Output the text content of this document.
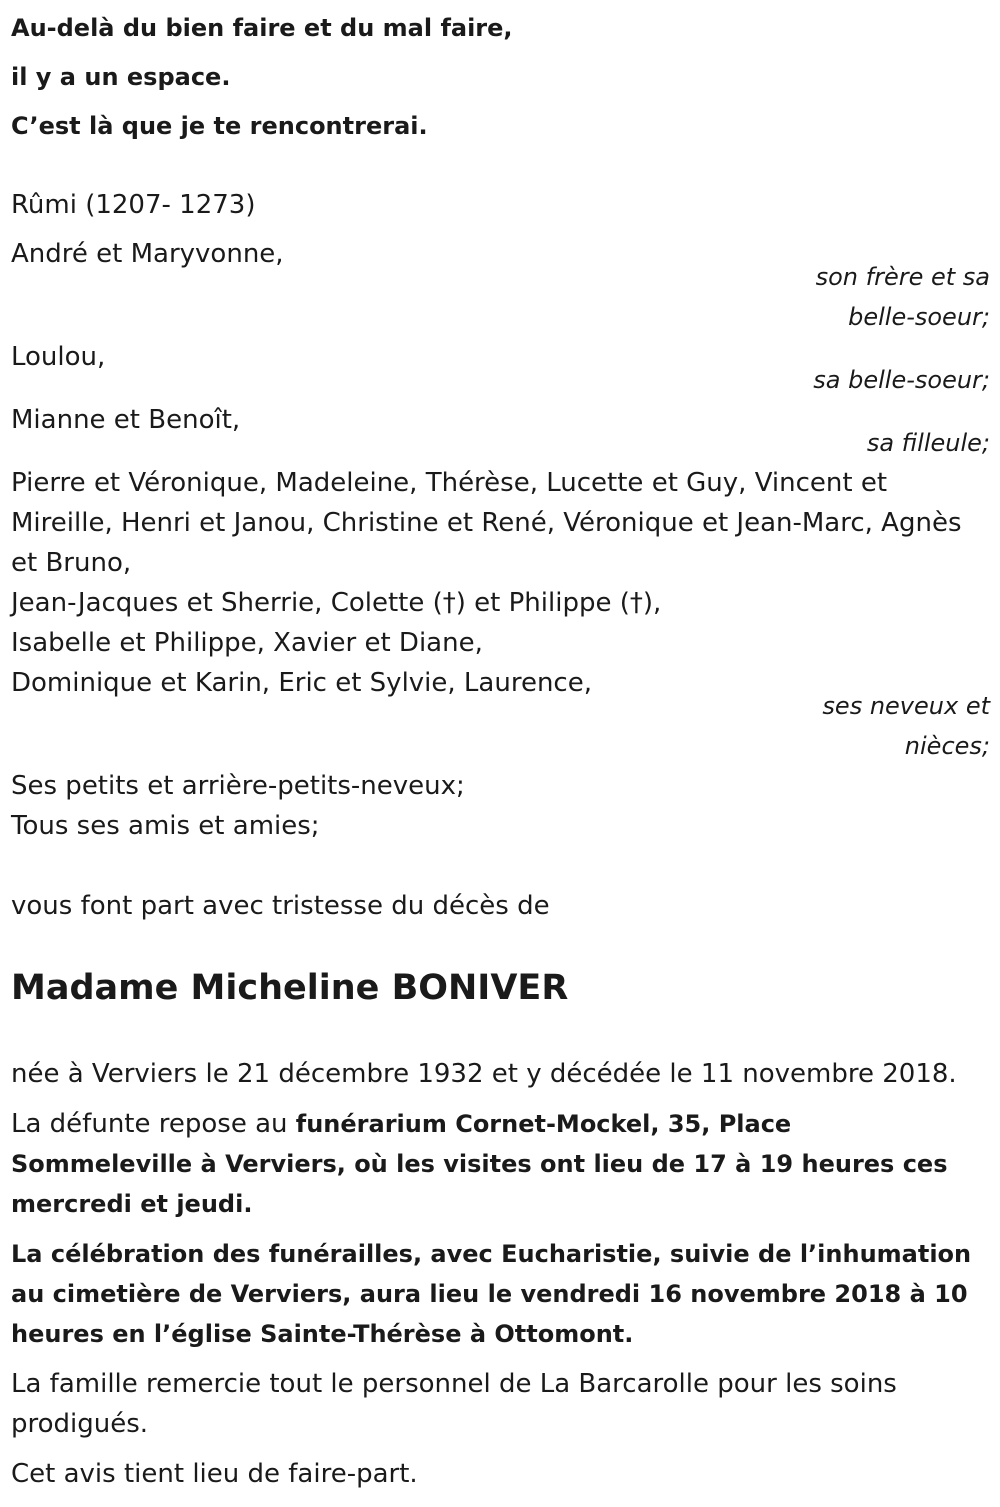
Au-delà du bien faire et du mal faire,
il y a un espace.
C’est là que je te rencontrerai.
Rûmi (1207- 1273)
André et Maryvonne,
son frère et sa
belle-soeur;
Loulou,
sa belle-soeur;
Mianne et Benoît,
sa filleule;
Pierre et Véronique, Madeleine, Thérèse, Lucette et Guy, Vincent et
Mireille, Henri et Janou, Christine et René, Véronique et Jean-Marc, Agnès
et Bruno,
Jean-Jacques et Sherrie, Colette (†) et Philippe (†),
Isabelle et Philippe, Xavier et Diane,
Dominique et Karin, Eric et Sylvie, Laurence,
ses neveux et
nièces;
Ses petits et arrière-petits-neveux;
Tous ses amis et amies;
vous font part avec tristesse du décès de
Madame Micheline BONIVER
née à Verviers le 21 décembre 1932 et y décédée le 11 novembre 2018.
La défunte repose au funérarium Cornet-Mockel, 35, Place
Sommeleville à Verviers, où les visites ont lieu de 17 à 19 heures ces
mercredi et jeudi.
La célébration des funérailles, avec Eucharistie, suivie de l’inhumation
au cimetière de Verviers, aura lieu le vendredi 16 novembre 2018 à 10
heures en l’église Sainte-Thérèse à Ottomont.
La famille remercie tout le personnel de La Barcarolle pour les soins
prodigués.
Cet avis tient lieu de faire-part.
